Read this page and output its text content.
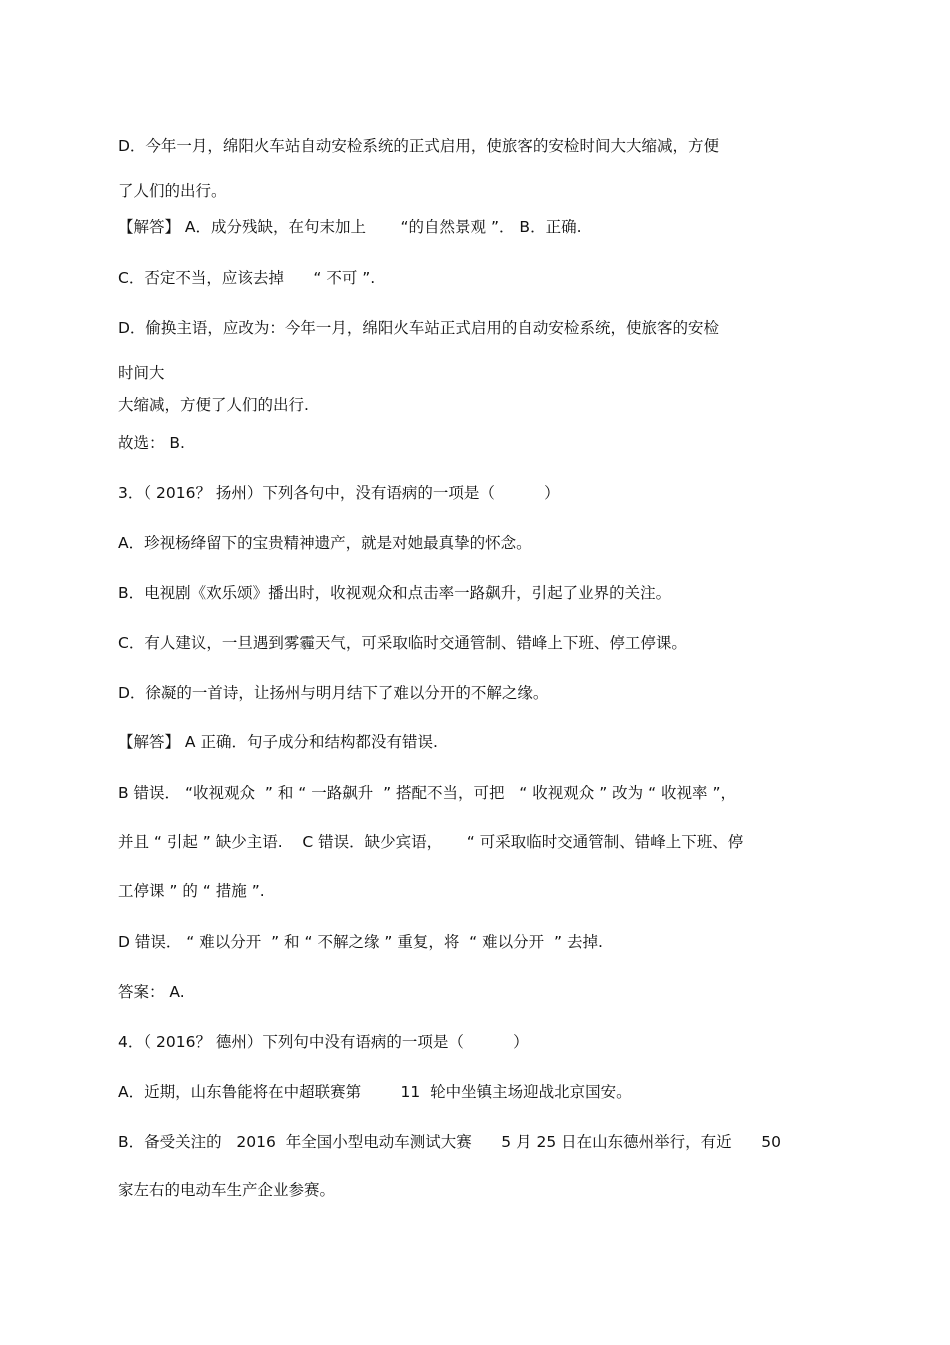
D．今年一月，绵阳火车站自动安检系统的正式启用，使旅客的安检时间大大缩减，方便

了人们的出行。

【解答】 A．成分残缺，在句末加上       “的自然景观 ”． B．正确.

C．否定不当，应该去掉      “ 不可 ”.

D．偷换主语，应改为：今年一月，绵阳火车站正式启用的自动安检系统，使旅客的安检

时间大

大缩减，方便了人们的出行.

故选： B.

3．（ 2016？ 扬州）下列各句中，没有语病的一项是（          ）

A．珍视杨绛留下的宝贵精神遗产，就是对她最真挚的怀念。

B．电视剧《欢乐颂》播出时，收视观众和点击率一路飙升，引起了业界的关注。

C．有人建议，一旦遇到雾霾天气，可采取临时交通管制、错峰上下班、停工停课。

D．徐凝的一首诗，让扬州与明月结下了难以分开的不解之缘。

【解答】 A 正确．句子成分和结构都没有错误.

B 错误． “收视观众  ” 和 “ 一路飙升  ” 搭配不当，可把   “ 收视观众 ” 改为 “ 收视率 ”，

并且 “ 引起 ” 缺少主语.    C 错误．缺少宾语，     “ 可采取临时交通管制、错峰上下班、停

工停课 ” 的 “ 措施 ”.

D 错误． “ 难以分开  ” 和 “ 不解之缘 ” 重复，将  “ 难以分开  ” 去掉.

答案： A.

4．（ 2016？ 德州）下列句中没有语病的一项是（          ）

A．近期，山东鲁能将在中超联赛第        11  轮中坐镇主场迎战北京国安。

B．备受关注的   2016  年全国小型电动车测试大赛      5 月 25 日在山东德州举行，有近      50

家左右的电动车生产企业参赛。
